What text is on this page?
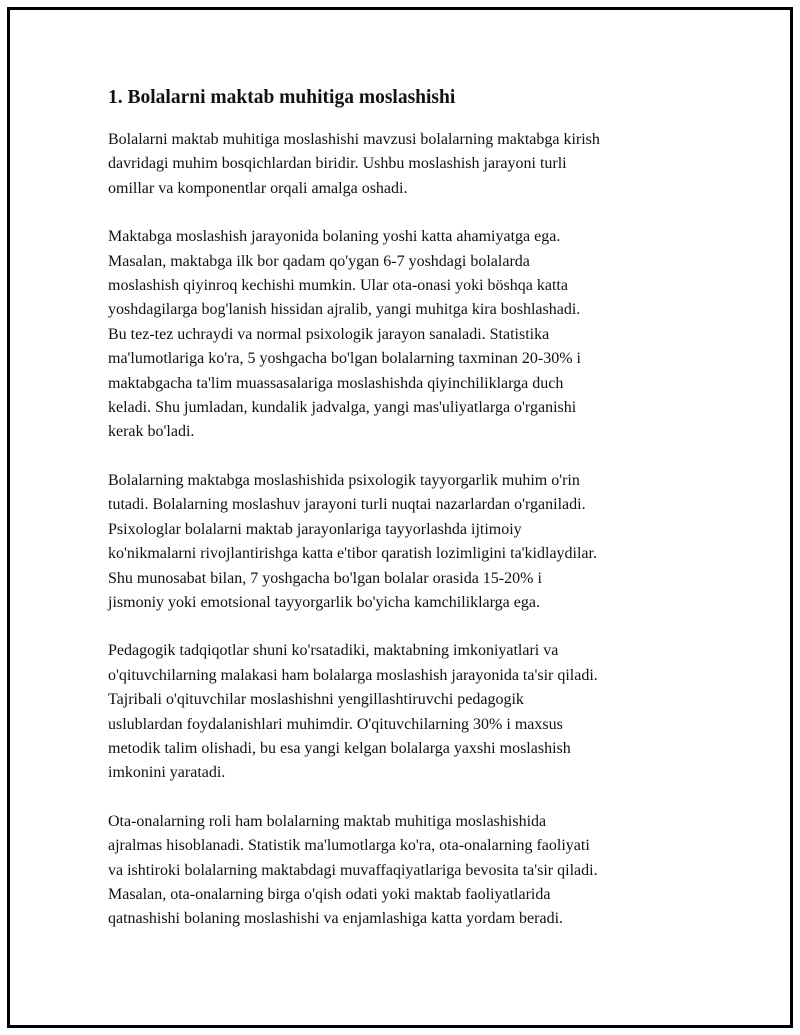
1. Bolalarni maktab muhitiga moslashishi

Bolalarni maktab muhitiga moslashishi mavzusi bolalarning maktabga kirish
davridagi muhim bosqichlardan biridir. Ushbu moslashish jarayoni turli
omillar va komponentlar orqali amalga oshadi.

Maktabga moslashish jarayonida bolaning yoshi katta ahamiyatga ega.
Masalan, maktabga ilk bor qadam qo'ygan 6-7 yoshdagi bolalarda
moslashish qiyinroq kechishi mumkin. Ular ota-onasi yoki böshqa katta
yoshdagilarga bog'lanish hissidan ajralib, yangi muhitga kira boshlashadi.
Bu tez-tez uchraydi va normal psixologik jarayon sanaladi. Statistika
ma'lumotlariga ko'ra, 5 yoshgacha bo'lgan bolalarning taxminan 20-30% i
maktabgacha ta'lim muassasalariga moslashishda qiyinchiliklarga duch
keladi. Shu jumladan, kundalik jadvalga, yangi mas'uliyatlarga o'rganishi
kerak bo'ladi.

Bolalarning maktabga moslashishida psixologik tayyorgarlik muhim o'rin
tutadi. Bolalarning moslashuv jarayoni turli nuqtai nazarlardan o'rganiladi.
Psixologlar bolalarni maktab jarayonlariga tayyorlashda ijtimoiy
ko'nikmalarni rivojlantirishga katta e'tibor qaratish lozimligini ta'kidlaydilar.
Shu munosabat bilan, 7 yoshgacha bo'lgan bolalar orasida 15-20% i
jismoniy yoki emotsional tayyorgarlik bo'yicha kamchiliklarga ega.

Pedagogik tadqiqotlar shuni ko'rsatadiki, maktabning imkoniyatlari va
o'qituvchilarning malakasi ham bolalarga moslashish jarayonida ta'sir qiladi.
Tajribali o'qituvchilar moslashishni yengillashtiruvchi pedagogik
uslublardan foydalanishlari muhimdir. O'qituvchilarning 30% i maxsus
metodik talim olishadi, bu esa yangi kelgan bolalarga yaxshi moslashish
imkonini yaratadi.

Ota-onalarning roli ham bolalarning maktab muhitiga moslashishida
ajralmas hisoblanadi. Statistik ma'lumotlarga ko'ra, ota-onalarning faoliyati
va ishtiroki bolalarning maktabdagi muvaffaqiyatlariga bevosita ta'sir qiladi.
Masalan, ota-onalarning birga o'qish odati yoki maktab faoliyatlarida
qatnashishi bolaning moslashishi va enjamlashiga katta yordam beradi.
